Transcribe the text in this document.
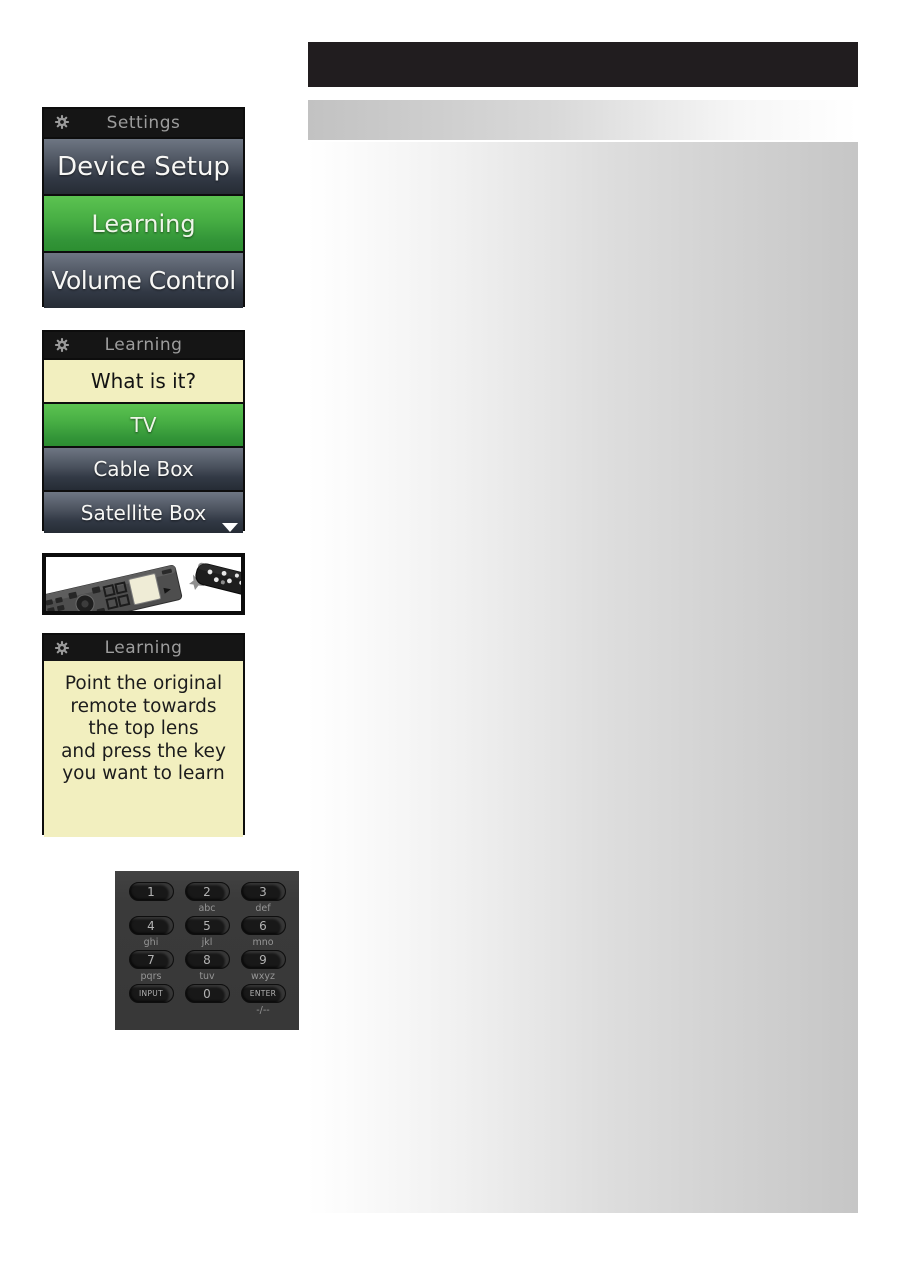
Settings
Device Setup
Learning
Volume Control
Learning
What is it?
TV
Cable Box
Satellite Box
Learning
Point the original
remote towards
the top lens
and press the key
you want to learn
1	2
abc
3
def
4
ghi
5
jkl
6
mno
7
pqrs
8
tuv
9
wxyz
INPUT	0	ENTER
-/--
